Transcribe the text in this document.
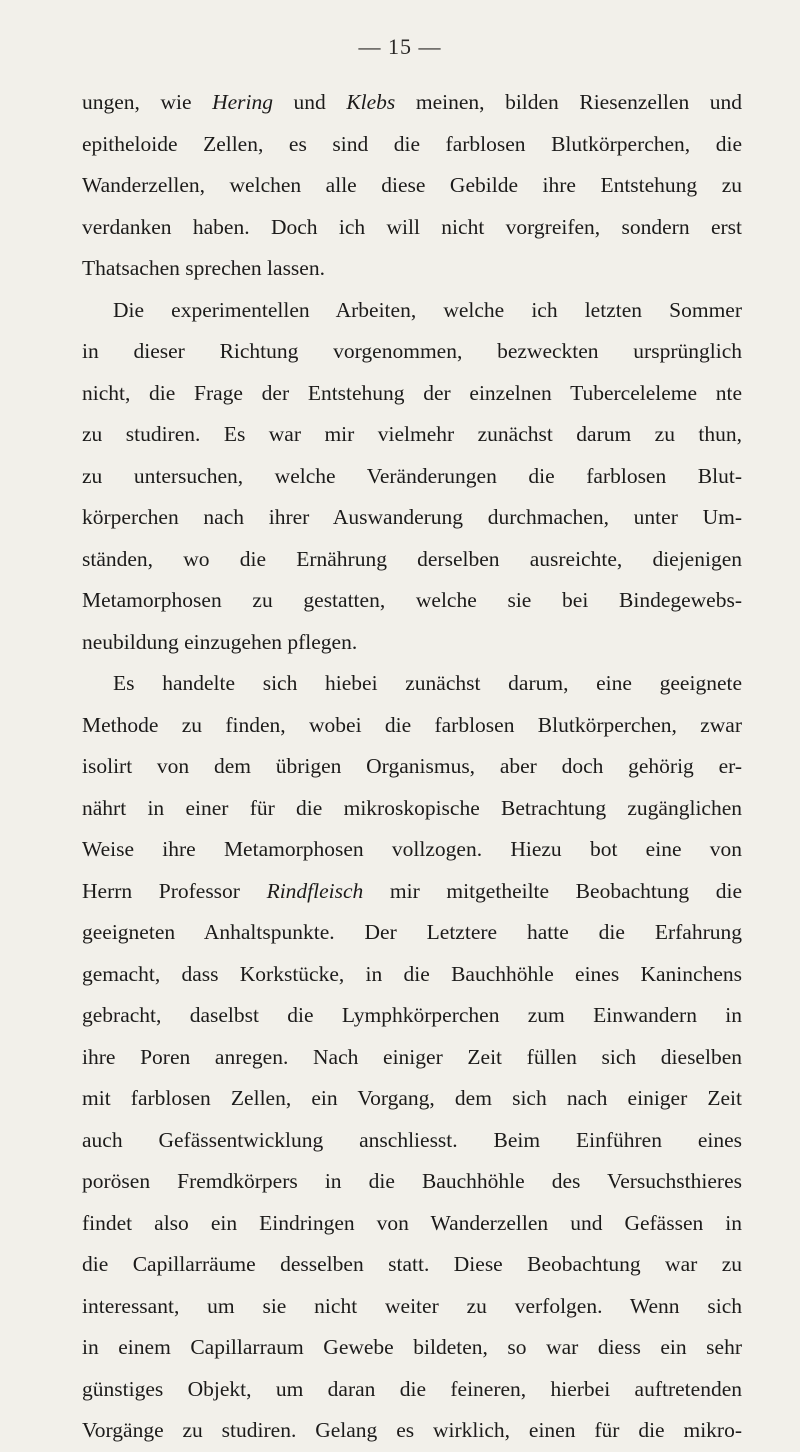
— 15 —
ungen, wie Hering und Klebs meinen, bilden Riesenzellen und
epitheloide Zellen, es sind die farblosen Blutkörperchen, die
Wanderzellen, welchen alle diese Gebilde ihre Entstehung zu
verdanken haben. Doch ich will nicht vorgreifen, sondern erst
Thatsachen sprechen lassen.
Die experimentellen Arbeiten, welche ich letzten Sommer
in dieser Richtung vorgenommen, bezweckten ursprünglich
nicht, die Frage der Entstehung der einzelnen Tuberceleleme nte
zu studiren. Es war mir vielmehr zunächst darum zu thun,
zu untersuchen, welche Veränderungen die farblosen Blut-
körperchen nach ihrer Auswanderung durchmachen, unter Um-
ständen, wo die Ernährung derselben ausreichte, diejenigen
Metamorphosen zu gestatten, welche sie bei Bindegewebs-
neubildung einzugehen pflegen.
Es handelte sich hiebei zunächst darum, eine geeignete
Methode zu finden, wobei die farblosen Blutkörperchen, zwar
isolirt von dem übrigen Organismus, aber doch gehörig er-
nährt in einer für die mikroskopische Betrachtung zugänglichen
Weise ihre Metamorphosen vollzogen. Hiezu bot eine von
Herrn Professor Rindfleisch mir mitgetheilte Beobachtung die
geeigneten Anhaltspunkte. Der Letztere hatte die Erfahrung
gemacht, dass Korkstücke, in die Bauchhöhle eines Kaninchens
gebracht, daselbst die Lymphkörperchen zum Einwandern in
ihre Poren anregen. Nach einiger Zeit füllen sich dieselben
mit farblosen Zellen, ein Vorgang, dem sich nach einiger Zeit
auch Gefässentwicklung anschliesst. Beim Einführen eines
porösen Fremdkörpers in die Bauchhöhle des Versuchsthieres
findet also ein Eindringen von Wanderzellen und Gefässen in
die Capillarräume desselben statt. Diese Beobachtung war zu
interessant, um sie nicht weiter zu verfolgen. Wenn sich
in einem Capillarraum Gewebe bildeten, so war diess ein sehr
günstiges Objekt, um daran die feineren, hierbei auftretenden
Vorgänge zu studiren. Gelang es wirklich, einen für die mikro-
